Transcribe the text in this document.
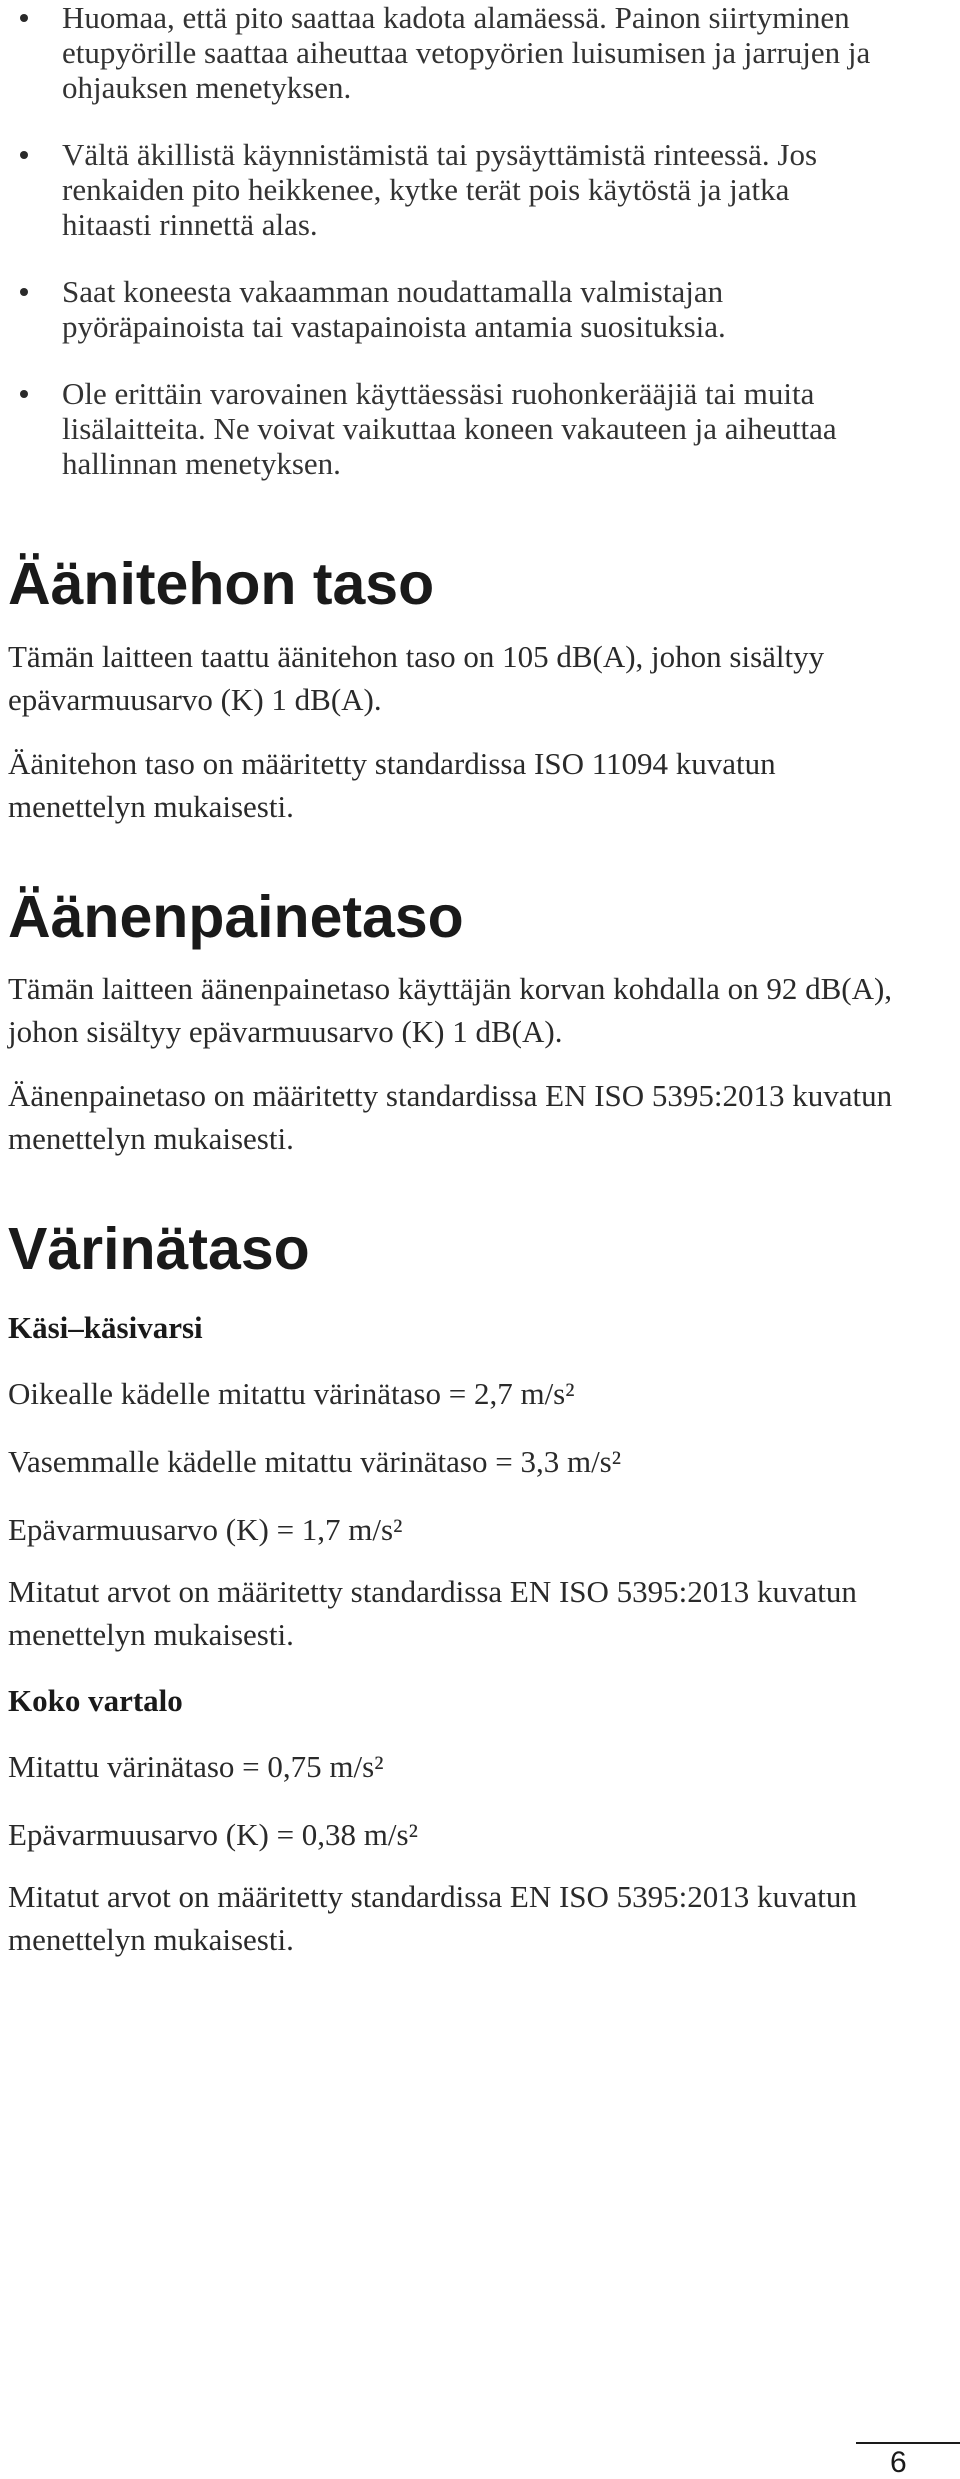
Huomaa, että pito saattaa kadota alamäessä. Painon siirtyminen etupyörille saattaa aiheuttaa vetopyörien luisumisen ja jarrujen ja ohjauksen menetyksen.
Vältä äkillistä käynnistämistä tai pysäyttämistä rinteessä. Jos renkaiden pito heikkenee, kytke terät pois käytöstä ja jatka hitaasti rinnettä alas.
Saat koneesta vakaamman noudattamalla valmistajan pyöräpainoista tai vastapainoista antamia suosituksia.
Ole erittäin varovainen käyttäessäsi ruohonkerääjiä tai muita lisälaitteita. Ne voivat vaikuttaa koneen vakauteen ja aiheuttaa hallinnan menetyksen.
Äänitehon taso

Tämän laitteen taattu äänitehon taso on 105 dB(A), johon sisältyy epävarmuusarvo (K) 1 dB(A).

Äänitehon taso on määritetty standardissa ISO 11094 kuvatun menettelyn mukaisesti.

Äänenpainetaso

Tämän laitteen äänenpainetaso käyttäjän korvan kohdalla on 92 dB(A), johon sisältyy epävarmuusarvo (K) 1 dB(A).

Äänenpainetaso on määritetty standardissa EN ISO 5395:2013 kuvatun menettelyn mukaisesti.

Värinätaso
Käsi–käsivarsi

Oikealle kädelle mitattu värinätaso = 2,7 m/s²

Vasemmalle kädelle mitattu värinätaso = 3,3 m/s²

Epävarmuusarvo (K) = 1,7 m/s²

Mitatut arvot on määritetty standardissa EN ISO 5395:2013 kuvatun menettelyn mukaisesti.

Koko vartalo

Mitattu värinätaso = 0,75 m/s²

Epävarmuusarvo (K) = 0,38 m/s²

Mitatut arvot on määritetty standardissa EN ISO 5395:2013 kuvatun menettelyn mukaisesti.

6
